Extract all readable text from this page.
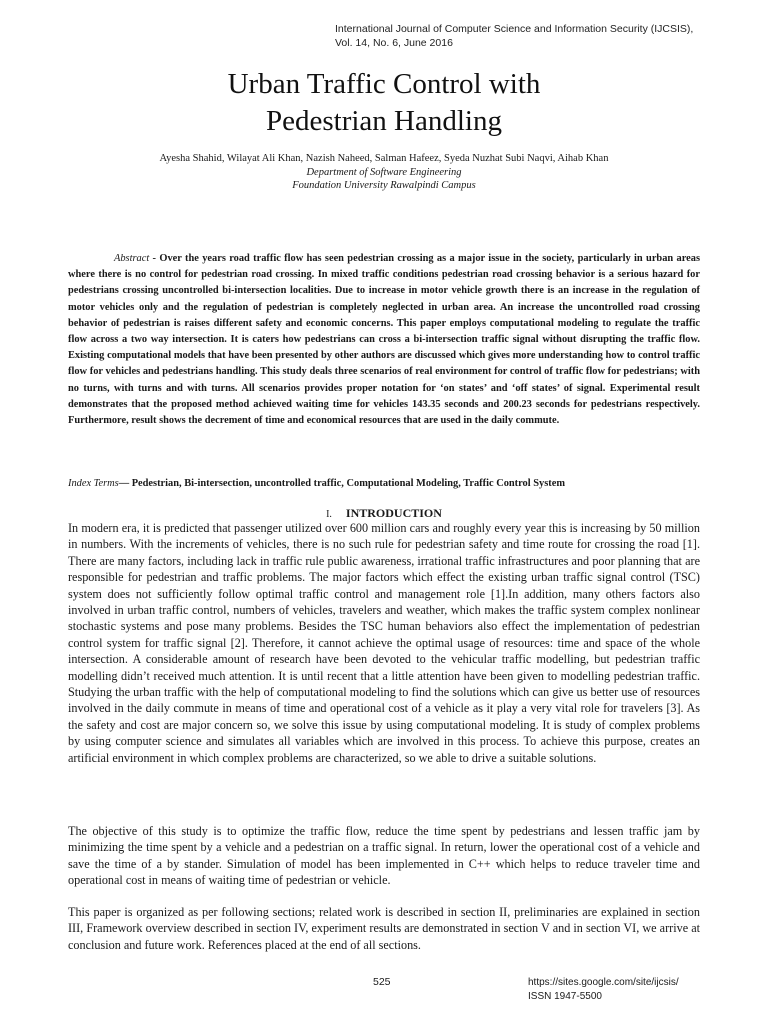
International Journal of Computer Science and Information Security (IJCSIS),
Vol. 14, No. 6, June 2016
Urban Traffic Control with
Pedestrian Handling
Ayesha Shahid, Wilayat Ali Khan, Nazish Naheed, Salman Hafeez, Syeda Nuzhat Subi Naqvi, Aihab Khan
Department of Software Engineering
Foundation University Rawalpindi Campus

Abstract - Over the years road traffic flow has seen pedestrian crossing as a major issue in the society, particularly in urban areas where there is no control for pedestrian road crossing. In mixed traffic conditions pedestrian road crossing behavior is a serious hazard for pedestrians crossing uncontrolled bi-intersection localities. Due to increase in motor vehicle growth there is an increase in the regulation of motor vehicles only and the regulation of pedestrian is completely neglected in urban area. An increase the uncontrolled road crossing behavior of pedestrian is raises different safety and economic concerns. This paper employs computational modeling to regulate the traffic flow across a two way intersection. It is caters how pedestrians can cross a bi-intersection traffic signal without disrupting the traffic flow. Existing computational models that have been presented by other authors are discussed which gives more understanding how to control traffic flow for vehicles and pedestrians handling. This study deals three scenarios of real environment for control of traffic flow for pedestrians; with no turns, with turns and with turns. All scenarios provides proper notation for ‘on states’ and ‘off states’ of signal. Experimental result demonstrates that the proposed method achieved waiting time for vehicles 143.35 seconds and 200.23 seconds for pedestrians respectively. Furthermore, result shows the decrement of time and economical resources that are used in the daily commute.

Index Terms— Pedestrian, Bi-intersection, uncontrolled traffic, Computational Modeling, Traffic Control System
I. INTRODUCTION

In modern era, it is predicted that passenger utilized over 600 million cars and roughly every year this is increasing by 50 million in numbers. With the increments of vehicles, there is no such rule for pedestrian safety and time route for crossing the road [1]. There are many factors, including lack in traffic rule public awareness, irrational traffic infrastructures and poor planning that are responsible for pedestrian and traffic problems. The major factors which effect the existing urban traffic signal control (TSC) system does not sufficiently follow optimal traffic control and management role [1].In addition, many others factors also involved in urban traffic control, numbers of vehicles, travelers and weather, which makes the traffic system complex nonlinear stochastic systems and pose many problems. Besides the TSC human behaviors also effect the implementation of pedestrian control system for traffic signal [2]. Therefore, it cannot achieve the optimal usage of resources: time and space of the whole intersection. A considerable amount of research have been devoted to the vehicular traffic modelling, but pedestrian traffic modelling didn’t received much attention. It is until recent that a little attention have been given to modelling pedestrian traffic. Studying the urban traffic with the help of computational modeling to find the solutions which can give us better use of resources involved in the daily commute in means of time and operational cost of a vehicle as it play a very vital role for travelers [3]. As the safety and cost are major concern so, we solve this issue by using computational modeling. It is study of complex problems by using computer science and simulates all variables which are involved in this process. To achieve this purpose, creates an artificial environment in which complex problems are characterized, so we able to drive a suitable solutions.

The objective of this study is to optimize the traffic flow, reduce the time spent by pedestrians and lessen traffic jam by minimizing the time spent by a vehicle and a pedestrian on a traffic signal. In return, lower the operational cost of a vehicle and save the time of a by stander. Simulation of model has been implemented in C++ which helps to reduce traveler time and operational cost in means of waiting time of pedestrian or vehicle.

This paper is organized as per following sections; related work is described in section II, preliminaries are explained in section III, Framework overview described in section IV, experiment results are demonstrated in section V and in section VI, we arrive at conclusion and future work. References placed at the end of all sections.

525	https://sites.google.com/site/ijcsis/
ISSN 1947-5500
